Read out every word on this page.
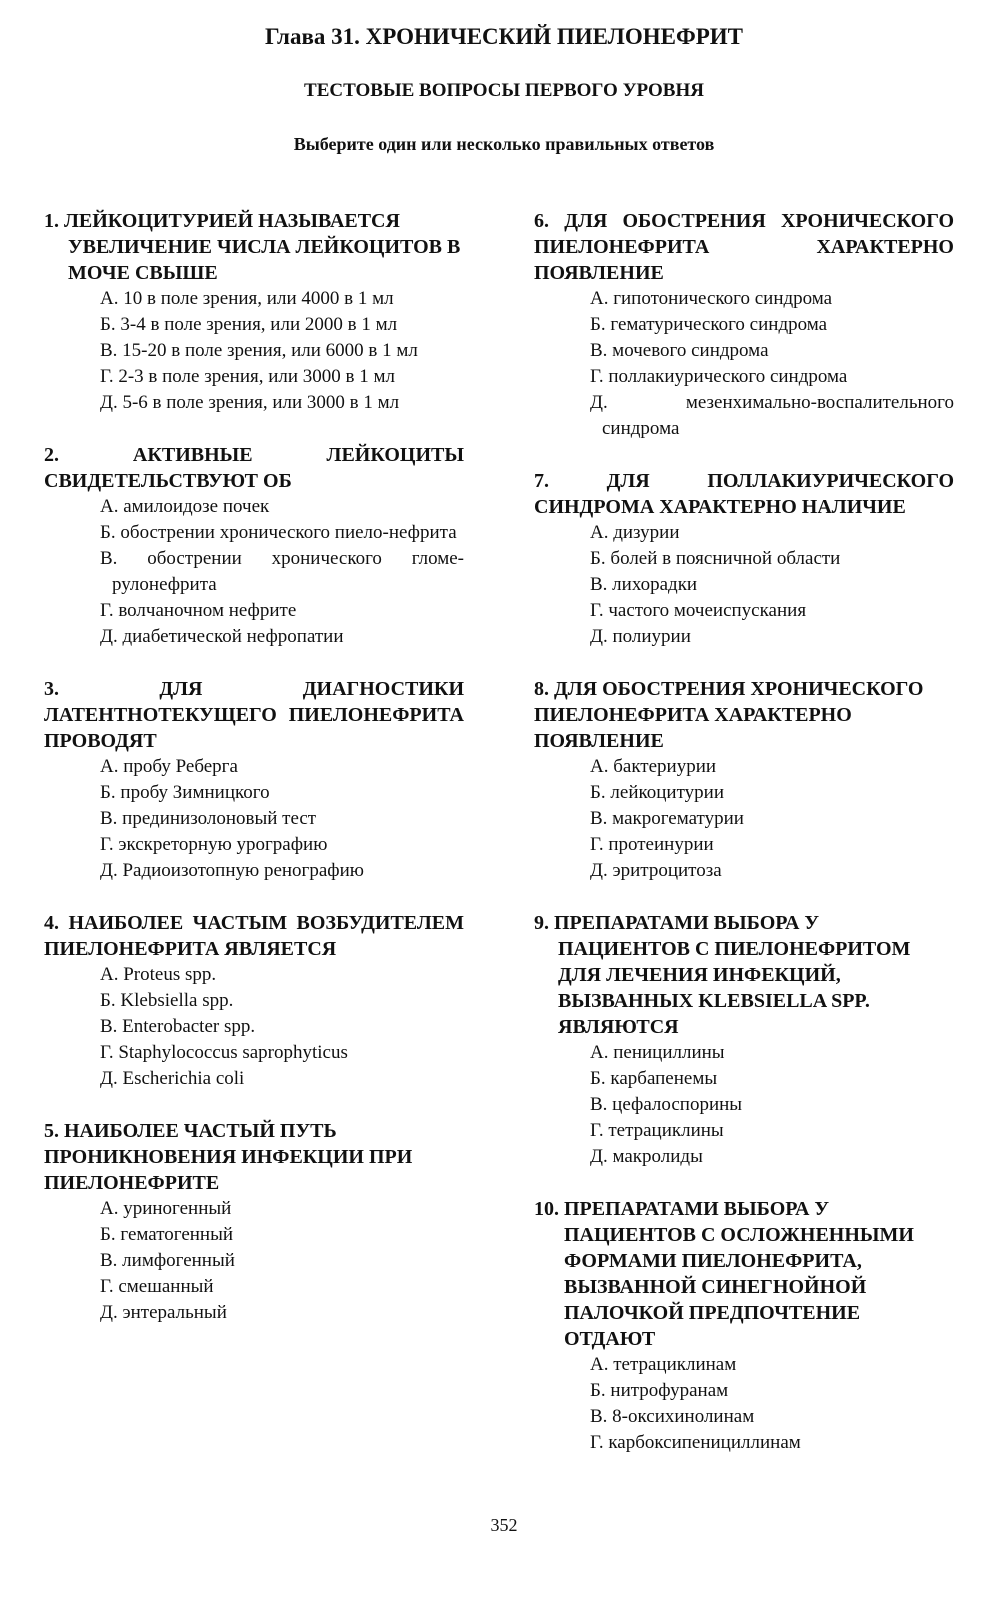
Глава 31. ХРОНИЧЕСКИЙ ПИЕЛОНЕФРИТ
ТЕСТОВЫЕ ВОПРОСЫ ПЕРВОГО УРОВНЯ
Выберите один или несколько правильных ответов
1. ЛЕЙКОЦИТУРИЕЙ НАЗЫВАЕТСЯ УВЕЛИЧЕНИЕ ЧИСЛА ЛЕЙКОЦИТОВ В МОЧЕ СВЫШЕ
А. 10 в поле зрения, или 4000 в 1 мл
Б. 3-4 в поле зрения, или 2000 в 1 мл
В. 15-20 в поле зрения, или 6000 в 1 мл
Г. 2-3 в поле зрения, или 3000 в 1 мл
Д. 5-6 в поле зрения, или 3000 в 1 мл
2.	АКТИВНЫЕ ЛЕЙКОЦИТЫ СВИДЕТЕЛЬСТВУЮТ ОБ
А. амилоидозе почек
Б. обострении хронического пиело-нефрита
В. обострении хронического гломе-рулонефрита
Г. волчаночном нефрите
Д. диабетической нефропатии
3.	ДЛЯ ДИАГНОСТИКИ ЛАТЕНТНОТЕКУЩЕГО ПИЕЛОНЕФРИТА ПРОВОДЯТ
А. пробу Реберга
Б. пробу Зимницкого
В. прединизолоновый тест
Г. экскреторную урографию
Д. Радиоизотопную ренографию
4. НАИБОЛЕЕ ЧАСТЫМ ВОЗБУДИТЕЛЕМ ПИЕЛОНЕФРИТА ЯВЛЯЕТСЯ
А. Proteus spp.
Б. Klebsiella spp.
В. Enterobacter spp.
Г. Staphylococcus saprophyticus
Д. Escherichia coli
5. НАИБОЛЕЕ ЧАСТЫЙ ПУТЬ ПРОНИКНОВЕНИЯ ИНФЕКЦИИ ПРИ ПИЕЛОНЕФРИТЕ
А. уриногенный
Б. гематогенный
В. лимфогенный
Г. смешанный
Д. энтеральный
6. ДЛЯ ОБОСТРЕНИЯ ХРОНИЧЕСКОГО ПИЕЛОНЕФРИТА ХАРАКТЕРНО ПОЯВЛЕНИЕ
А. гипотонического синдрома
Б. гематурического синдрома
В. мочевого синдрома
Г. поллакиурического синдрома
Д. мезенхимально-воспалительного синдрома
7.	ДЛЯ ПОЛЛАКИУРИЧЕСКОГО СИНДРОМА ХАРАКТЕРНО НАЛИЧИЕ
А. дизурии
Б. болей в поясничной области
В. лихорадки
Г. частого мочеиспускания
Д. полиурии
8. ДЛЯ ОБОСТРЕНИЯ ХРОНИЧЕСКОГО ПИЕЛОНЕФРИТА ХАРАКТЕРНО ПОЯВЛЕНИЕ
А. бактериурии
Б. лейкоцитурии
В. макрогематурии
Г. протеинурии
Д. эритроцитоза
9. ПРЕПАРАТАМИ ВЫБОРА У ПАЦИЕНТОВ С ПИЕЛОНЕФРИТОМ ДЛЯ ЛЕЧЕНИЯ ИНФЕКЦИЙ, ВЫЗВАННЫХ KLEBSIELLA SPP. ЯВЛЯЮТСЯ
А. пенициллины
Б. карбапенемы
В. цефалоспорины
Г. тетрациклины
Д. макролиды
10. ПРЕПАРАТАМИ ВЫБОРА У ПАЦИЕНТОВ С ОСЛОЖНЕННЫМИ ФОРМАМИ ПИЕЛОНЕФРИТА, ВЫЗВАННОЙ СИНЕГНОЙНОЙ ПАЛОЧКОЙ ПРЕДПОЧТЕНИЕ ОТДАЮТ
А. тетрациклинам
Б. нитрофуранам
В. 8-оксихинолинам
Г. карбоксипенициллинам
352
